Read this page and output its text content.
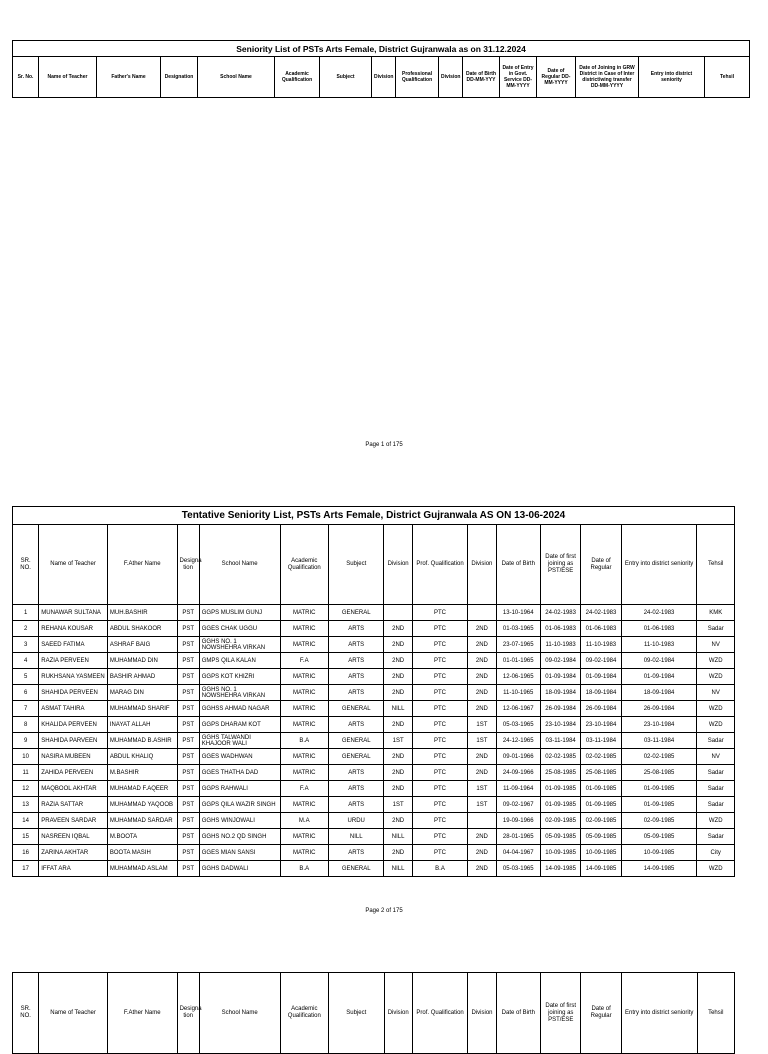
Seniority List of PSTs Arts Female, District Gujranwala as on 31.12.2024
Sr. No.	Name of Teacher	Father's Name	Designation	School Name	Academic Qualification	Subject	Division	Professional Qualification	Division	Date of Birth DD-MM-YYY	Date of Entry in Govt. Service DD-MM-YYYY	Date of Regular DD-MM-YYYY	Date of Joining in GRW District in Case of Inter district/wing transfer DD-MM-YYYY	Entry into district seniority	Tehsil
Page 1 of 175
Tentative Seniority List, PSTs Arts Female, District Gujranwala AS ON 13-06-2024														
SR. NO.	Name of Teacher	F.Ather Name	Designa tion	School Name	Academic Qualification	Subject	Division	Prof. Qualification	Division	Date of Birth	Date of first joining as PST/ESE	Date of Regular	Entry into district seniority	Tehsil
1	MUNAWAR SULTANA	MUH.BASHIR	PST	GGPS MUSLIM GUNJ	MATRIC	GENERAL		PTC		13-10-1964	24-02-1983	24-02-1983	24-02-1983	KMK
2	REHANA KOUSAR	ABDUL SHAKOOR	PST	GGES CHAK UGGU	MATRIC	ARTS	2ND	PTC	2ND	01-03-1965	01-06-1983	01-06-1983	01-06-1983	Sadar
3	SAEED FATIMA	ASHRAF BAIG	PST	GGHS NO. 1 NOWSHEHRA VIRKAN	MATRIC	ARTS	2ND	PTC	2ND	23-07-1965	11-10-1983	11-10-1983	11-10-1983	NV
4	RAZIA PERVEEN	MUHAMMAD DIN	PST	GMPS QILA KALAN	F.A	ARTS	2ND	PTC	2ND	01-01-1965	09-02-1984	09-02-1984	09-02-1984	WZD
5	RUKHSANA YASMEEN	BASHIR AHMAD	PST	GGPS KOT KHIZRI	MATRIC	ARTS	2ND	PTC	2ND	12-06-1965	01-09-1984	01-09-1984	01-09-1984	WZD
6	SHAHIDA PERVEEN	MARAG DIN	PST	GGHS NO. 1 NOWSHEHRA VIRKAN	MATRIC	ARTS	2ND	PTC	2ND	11-10-1965	18-09-1984	18-09-1984	18-09-1984	NV
7	ASMAT TAHIRA	MUHAMMAD SHARIF	PST	GGHSS AHMAD NAGAR	MATRIC	GENERAL	NILL	PTC	2ND	12-06-1967	26-09-1984	26-09-1984	26-09-1984	WZD
8	KHALIDA PERVEEN	INAYAT ALLAH	PST	GGPS DHARAM KOT	MATRIC	ARTS	2ND	PTC	1ST	05-03-1965	23-10-1984	23-10-1984	23-10-1984	WZD
9	SHAHIDA PARVEEN	MUHAMMAD B.ASHIR	PST	GGHS TALWANDI KHAJOOR WALI	B.A	GENERAL	1ST	PTC	1ST	24-12-1965	03-11-1984	03-11-1984	03-11-1984	Sadar
10	NASIRA MUBEEN	ABDUL KHALIQ	PST	GGES WADHWAN	MATRIC	GENERAL	2ND	PTC	2ND	09-01-1966	02-02-1985	02-02-1985	02-02-1985	NV
11	ZAHIDA PERVEEN	M.BASHIR	PST	GGES THATHA DAD	MATRIC	ARTS	2ND	PTC	2ND	24-09-1966	25-08-1985	25-08-1985	25-08-1985	Sadar
12	MAQBOOL AKHTAR	MUHAMAD F.AQEER	PST	GGPS RAHWALI	F.A	ARTS	2ND	PTC	1ST	11-09-1964	01-09-1985	01-09-1985	01-09-1985	Sadar
13	RAZIA SATTAR	MUHAMMAD YAQOOB	PST	GGPS QILA WAZIR SINGH	MATRIC	ARTS	1ST	PTC	1ST	09-02-1967	01-09-1985	01-09-1985	01-09-1985	Sadar
14	PRAVEEN SARDAR	MUHAMMAD SARDAR	PST	GGHS WINJOWALI	M.A	URDU	2ND	PTC		19-09-1966	02-09-1985	02-09-1985	02-09-1985	WZD
15	NASREEN IQBAL	M.BOOTA	PST	GGHS NO.2 QD SINGH	MATRIC	NILL	NILL	PTC	2ND	28-01-1965	05-09-1985	05-09-1985	05-09-1985	Sadar
16	ZARINA AKHTAR	BOOTA MASIH	PST	GGES MIAN SANSI	MATRIC	ARTS	2ND	PTC	2ND	04-04-1967	10-09-1985	10-09-1985	10-09-1985	City
17	IFFAT ARA	MUHAMMAD ASLAM	PST	GGHS DADWALI	B.A	GENERAL	NILL	B.A	2ND	05-03-1965	14-09-1985	14-09-1985	14-09-1985	WZD
Page 2 of 175
SR. NO.	Name of Teacher	F.Ather Name	Designa tion	School Name	Academic Qualification	Subject	Division	Prof. Qualification	Division	Date of Birth	Date of first joining as PST/ESE	Date of Regular	Entry into district seniority	Tehsil
